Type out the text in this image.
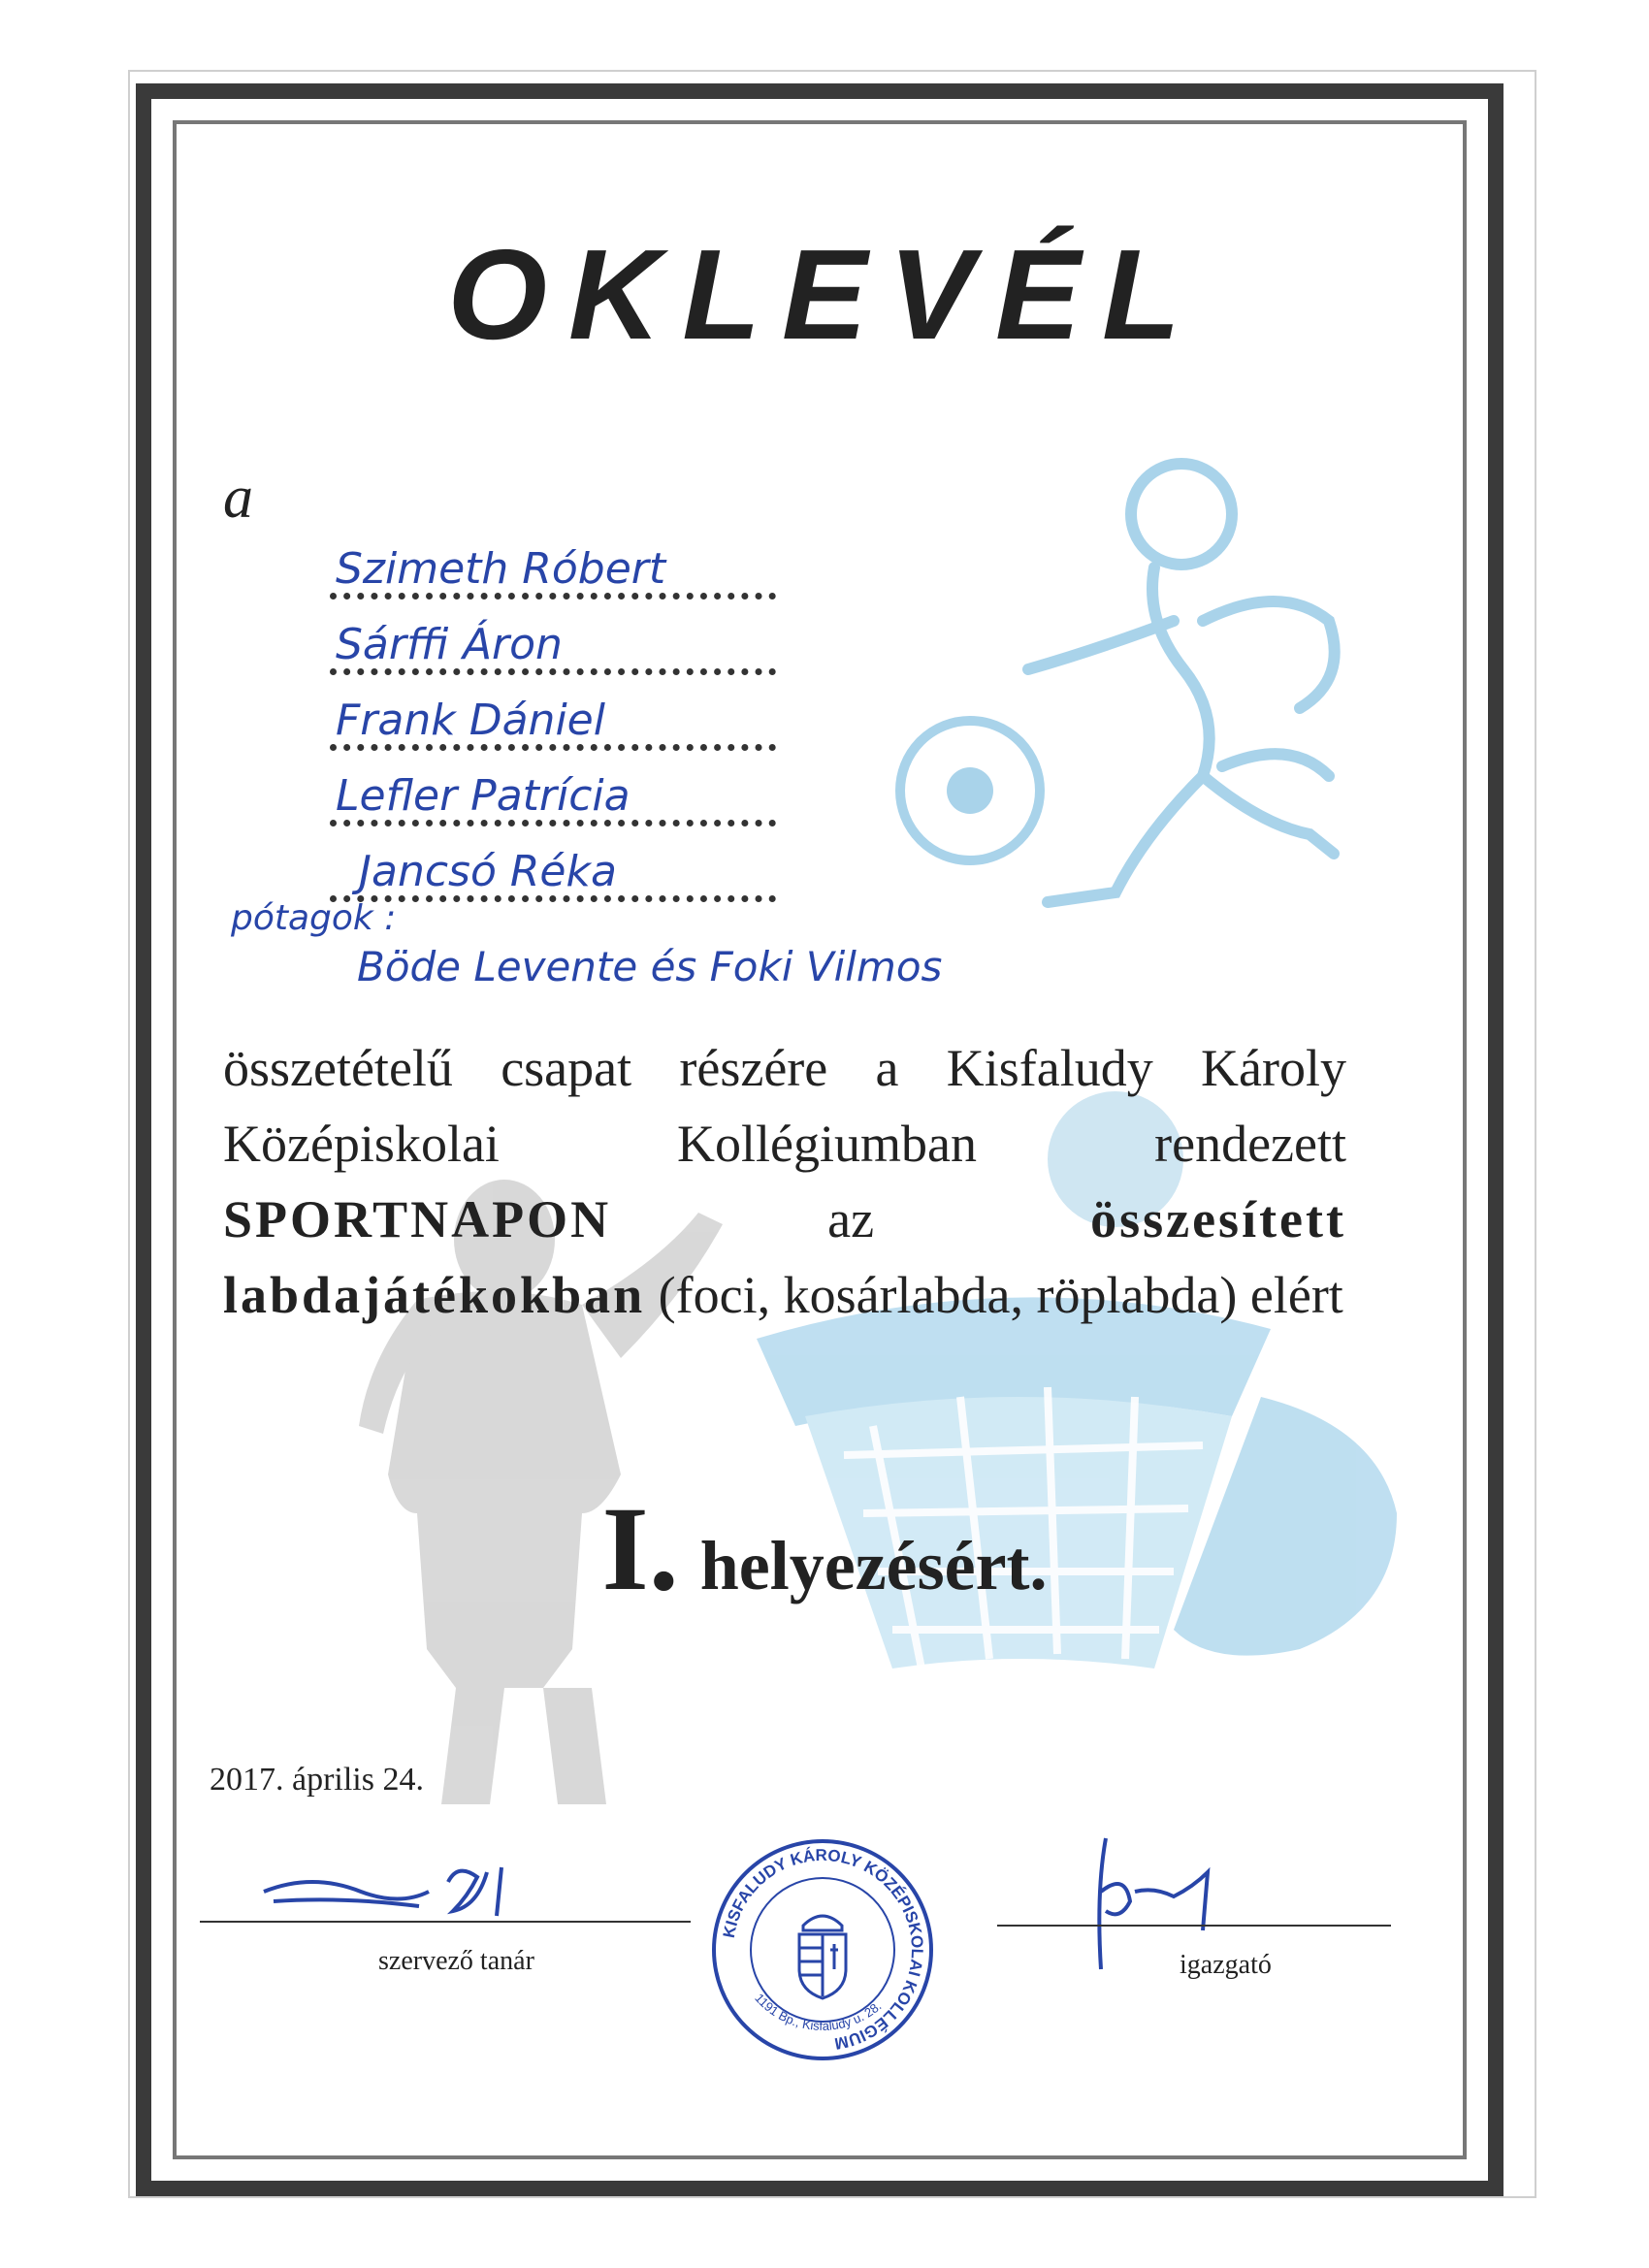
OKLEVÉL
a
Szimeth Róbert
Sárffi Áron
Frank Dániel
Lefler Patrícia
Jancsó Réka
pótagok :
Böde Levente és Foki Vilmos
összetételű csapat részére a Kisfaludy Károly Középiskolai Kollégiumban rendezett SPORTNAPON	az	összesített labdajátékokban (foci, kosárlabda, röplabda) elért
I. helyezésért.
2017. április 24.
szervező tanár	igazgató
KISFALUDY KÁROLY KÖZÉPISKOLAI KOLLÉGIUM
1191 Bp., Kisfaludy u. 28.
